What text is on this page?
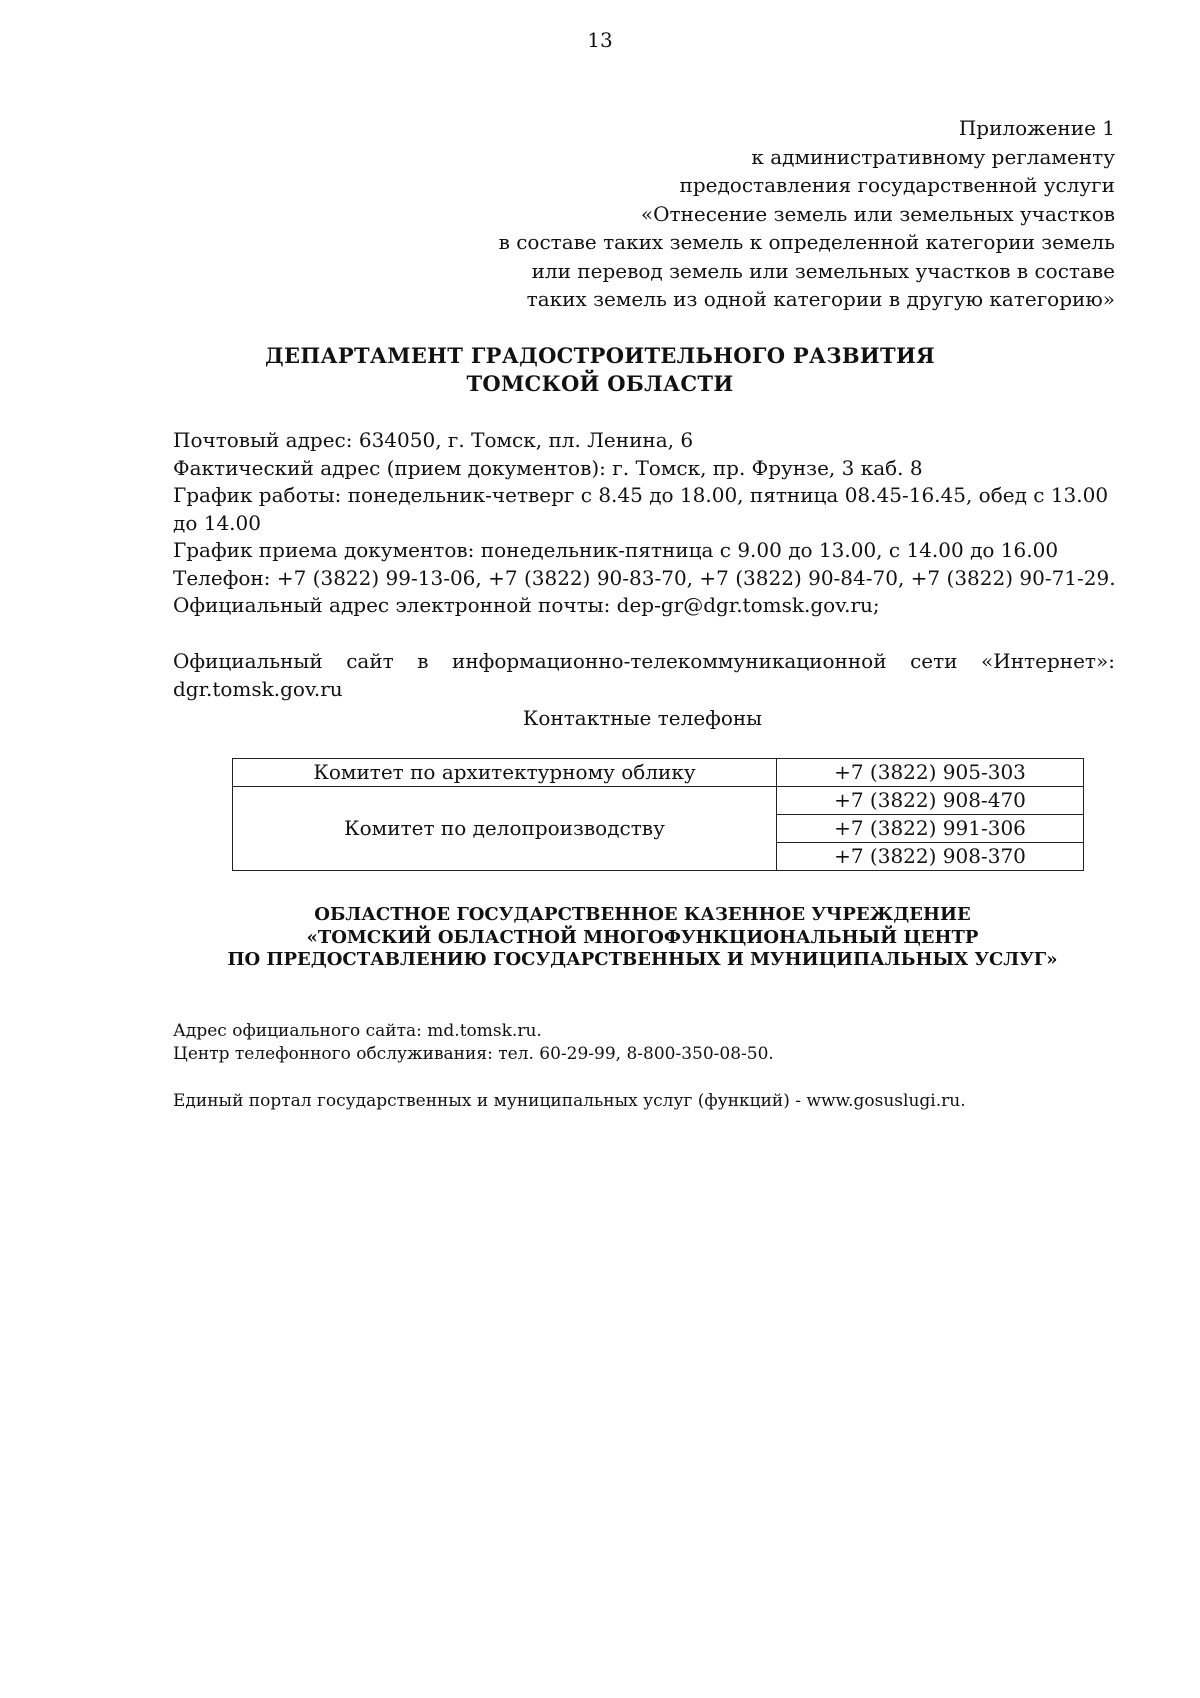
13
Приложение 1
к административному регламенту
предоставления государственной услуги
«Отнесение земель или земельных участков
в составе таких земель к определенной категории земель
или перевод земель или земельных участков в составе
таких земель из одной категории в другую категорию»
ДЕПАРТАМЕНТ ГРАДОСТРОИТЕЛЬНОГО РАЗВИТИЯ
ТОМСКОЙ ОБЛАСТИ
Почтовый адрес: 634050, г. Томск, пл. Ленина, 6
Фактический адрес (прием документов): г. Томск, пр. Фрунзе, 3 каб. 8
График работы: понедельник-четверг с 8.45 до 18.00, пятница 08.45-16.45, обед с 13.00 до 14.00
График приема документов: понедельник-пятница с 9.00 до 13.00, с 14.00 до 16.00
Телефон: +7 (3822) 99-13-06, +7 (3822) 90-83-70, +7 (3822) 90-84-70, +7 (3822) 90-71-29.
Официальный адрес электронной почты: dep-gr@dgr.tomsk.gov.ru;
Официальный сайт в информационно-телекоммуникационной сети «Интернет»:
dgr.tomsk.gov.ru
Контактные телефоны
Комитет по архитектурному облику	+7 (3822) 905-303
Комитет по делопроизводству	+7 (3822) 908-470
	+7 (3822) 991-306
	+7 (3822) 908-370
ОБЛАСТНОЕ ГОСУДАРСТВЕННОЕ КАЗЕННОЕ УЧРЕЖДЕНИЕ
«ТОМСКИЙ ОБЛАСТНОЙ МНОГОФУНКЦИОНАЛЬНЫЙ ЦЕНТР
ПО ПРЕДОСТАВЛЕНИЮ ГОСУДАРСТВЕННЫХ И МУНИЦИПАЛЬНЫХ УСЛУГ»
Адрес официального сайта: md.tomsk.ru.
Центр телефонного обслуживания: тел. 60-29-99, 8-800-350-08-50.
Единый портал государственных и муниципальных услуг (функций) - www.gosuslugi.ru.
